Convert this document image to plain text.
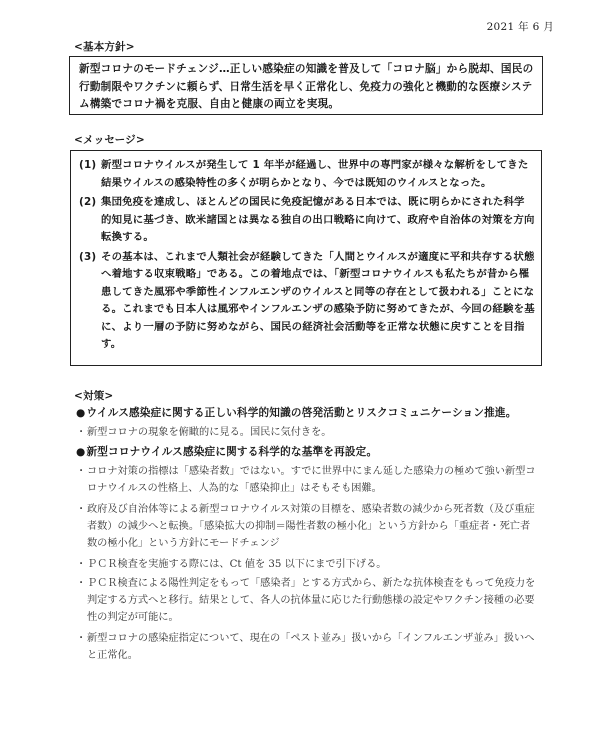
2021 年 6 月
<基本方針>

新型コロナのモードチェンジ…正しい感染症の知識を普及して「コロナ脳」から脱却、国民の行動制限やワクチンに頼らず、日常生活を早く正常化し、免疫力の強化と機動的な医療システム構築でコロナ禍を克服、自由と健康の両立を実現。

<メッセージ>
(1) 新型コロナウイルスが発生して 1 年半が経過し、世界中の専門家が様々な解析をしてきた結果ウイルスの感染特性の多くが明らかとなり、今では既知のウイルスとなった。
(2) 集団免疫を達成し、ほとんどの国民に免疫記憶がある日本では、既に明らかにされた科学的知見に基づき、欧米諸国とは異なる独自の出口戦略に向けて、政府や自治体の対策を方向転換する。
(3) その基本は、これまで人類社会が経験してきた「人間とウイルスが適度に平和共存する状態へ着地する収束戦略」である。この着地点では、「新型コロナウイルスも私たちが昔から罹患してきた風邪や季節性インフルエンザのウイルスと同等の存在として扱われる」ことになる。これまでも日本人は風邪やインフルエンザの感染予防に努めてきたが、今回の経験を基に、より一層の予防に努めながら、国民の経済社会活動等を正常な状態に戻すことを目指す。
<対策>
●ウイルス感染症に関する正しい科学的知識の啓発活動とリスクコミュニケーション推進。
・ 新型コロナの現象を俯瞰的に見る。国民に気付きを。
●新型コロナウイルス感染症に関する科学的な基準を再設定。
・ コロナ対策の指標は「感染者数」ではない。すでに世界中にまん延した感染力の極めて強い新型コロナウイルスの性格上、人為的な「感染抑止」はそもそも困難。
・ 政府及び自治体等による新型コロナウイルス対策の目標を、感染者数の減少から死者数（及び重症者数）の減少へと転換。「感染拡大の抑制＝陽性者数の極小化」という方針から「重症者・死亡者数の極小化」という方針にモードチェンジ
・ ＰＣＲ検査を実施する際には、Ct 値を 35 以下にまで引下げる。
・ ＰＣＲ検査による陽性判定をもって「感染者」とする方式から、新たな抗体検査をもって免疫力を判定する方式へと移行。結果として、各人の抗体量に応じた行動態様の設定やワクチン接種の必要性の判定が可能に。
・ 新型コロナの感染症指定について、現在の「ペスト並み」扱いから「インフルエンザ並み」扱いへと正常化。
